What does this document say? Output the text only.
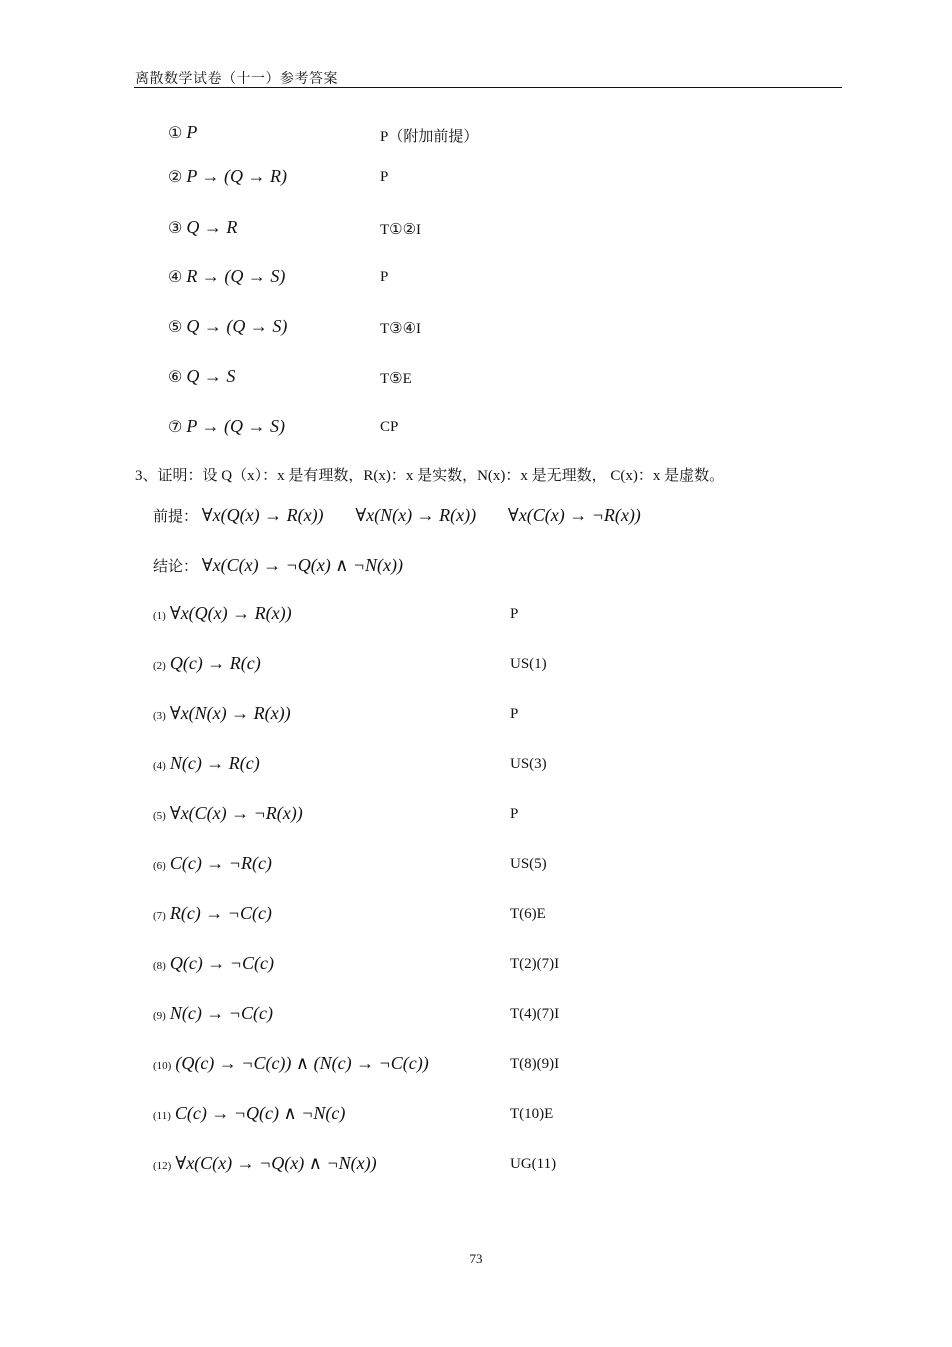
离散数学试卷（十一）参考答案
① P	P（附加前提）
② P → (Q → R)	P
③ Q → R	T①②I
④ R → (Q → S)	P
⑤ Q → (Q → S)	T③④I
⑥ Q → S	T⑤E
⑦ P → (Q → S)	CP
3、证明：设 Q（x）：x 是有理数，R(x)：x 是实数，N(x)：x 是无理数， C(x)：x 是虚数。
前提： ∀x(Q(x) → R(x)) ∀x(N(x) → R(x)) ∀x(C(x) → ¬R(x))
结论： ∀x(C(x) → ¬Q(x) ∧ ¬N(x))
(1) ∀x(Q(x) → R(x))	P
(2) Q(c) → R(c)	US(1)
(3) ∀x(N(x) → R(x))	P
(4) N(c) → R(c)	US(3)
(5) ∀x(C(x) → ¬R(x))	P
(6) C(c) → ¬R(c)	US(5)
(7) R(c) → ¬C(c)	T(6)E
(8) Q(c) → ¬C(c)	T(2)(7)I
(9) N(c) → ¬C(c)	T(4)(7)I
(10) (Q(c) → ¬C(c)) ∧ (N(c) → ¬C(c))	T(8)(9)I
(11) C(c) → ¬Q(c) ∧ ¬N(c)	T(10)E
(12) ∀x(C(x) → ¬Q(x) ∧ ¬N(x))	UG(11)
73
